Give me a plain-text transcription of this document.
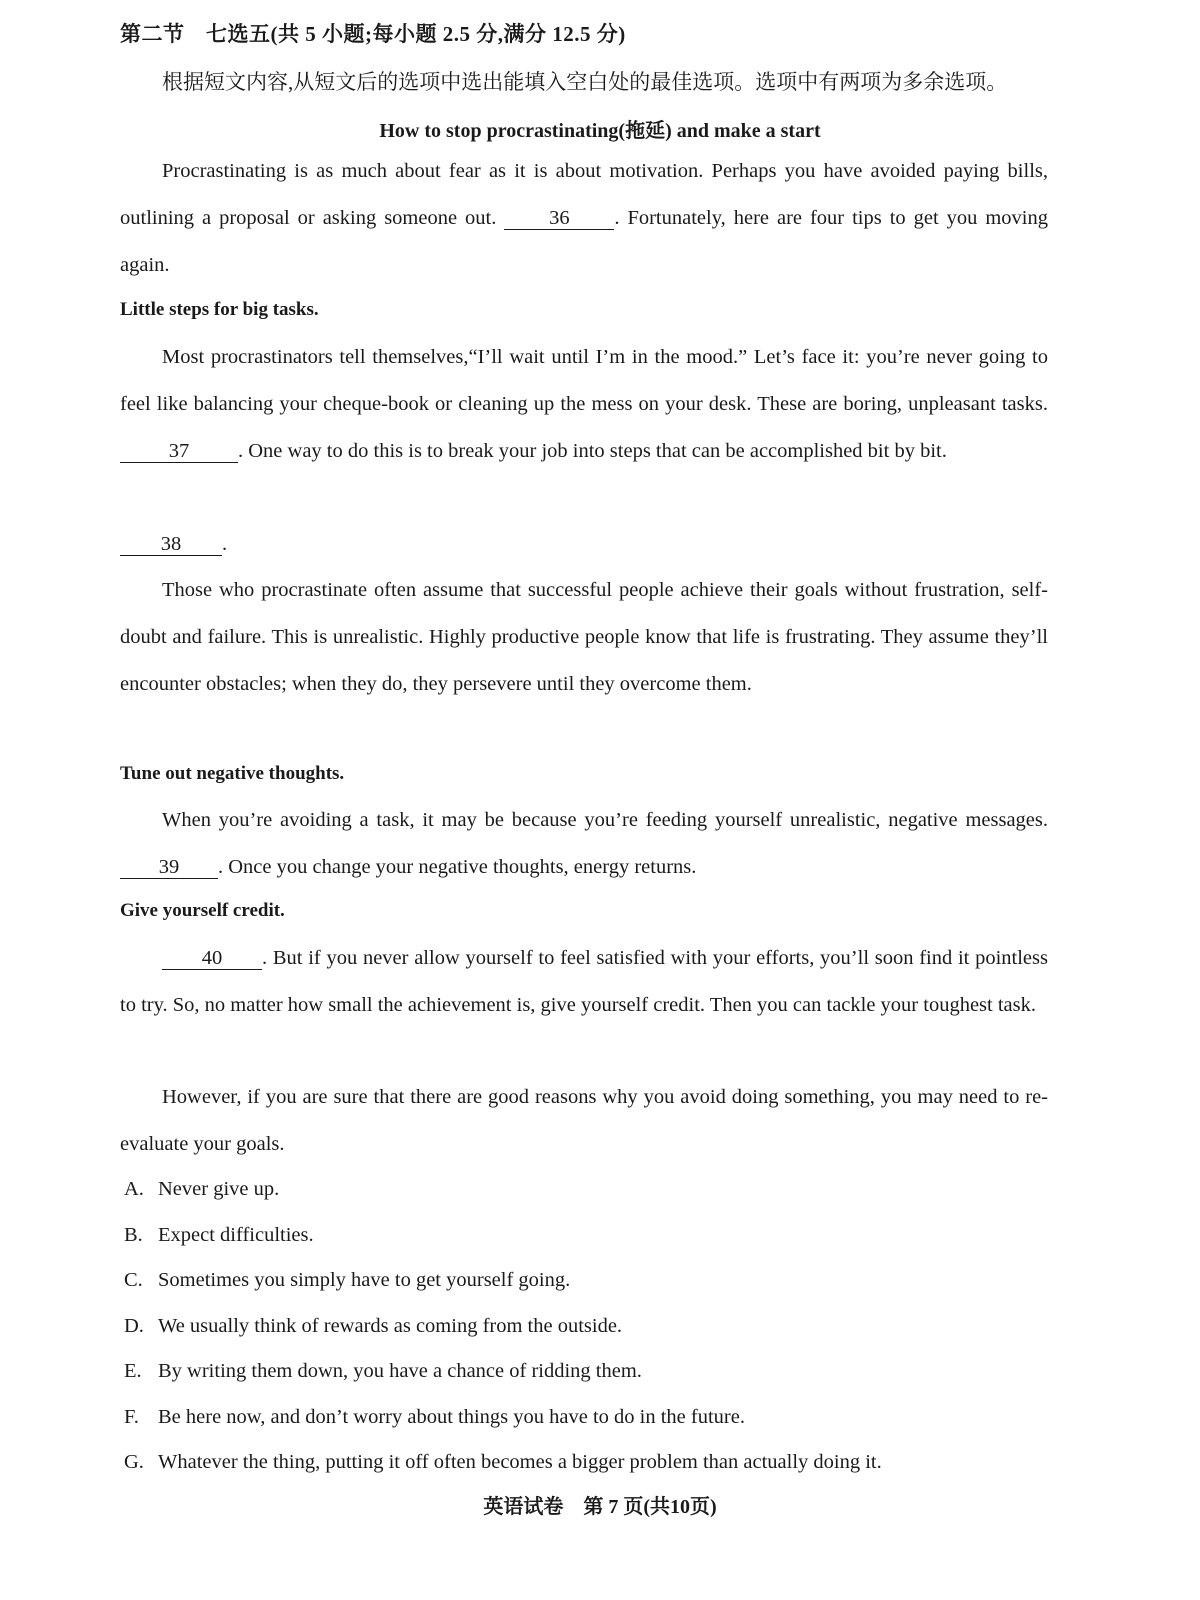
第二节　七选五(共 5 小题;每小题 2.5 分,满分 12.5 分)
根据短文内容,从短文后的选项中选出能填入空白处的最佳选项。选项中有两项为多余选项。
How to stop procrastinating(拖延) and make a start
Procrastinating is as much about fear as it is about motivation. Perhaps you have avoided paying bills, outlining a proposal or asking someone out.	36 . Fortunately, here are four tips to get you moving again.
Little steps for big tasks.
Most procrastinators tell themselves,“I’ll wait until I’m in the mood.” Let’s face it: you’re never going to feel like balancing your cheque-book or cleaning up the mess on your desk. These are boring, unpleasant tasks. 37 . One way to do this is to break your job into steps that can be accomplished bit by bit.
38 .
Those who procrastinate often assume that successful people achieve their goals without frustration, self-doubt and failure. This is unrealistic. Highly productive people know that life is frustrating. They assume they’ll encounter obstacles; when they do, they persevere until they overcome them.
Tune out negative thoughts.
When you’re avoiding a task, it may be because you’re feeding yourself unrealistic, negative messages. 39 . Once you change your negative thoughts, energy returns.
Give yourself credit.
40 . But if you never allow yourself to feel satisfied with your efforts, you’ll soon find it pointless to try. So, no matter how small the achievement is, give yourself credit. Then you can tackle your toughest task.
However, if you are sure that there are good reasons why you avoid doing something, you may need to re-evaluate your goals.
A. Never give up.
B. Expect difficulties.
C. Sometimes you simply have to get yourself going.
D. We usually think of rewards as coming from the outside.
E. By writing them down, you have a chance of ridding them.
F. Be here now, and don’t worry about things you have to do in the future.
G. Whatever the thing, putting it off often becomes a bigger problem than actually doing it.
英语试卷　第 7 页(共10页)
